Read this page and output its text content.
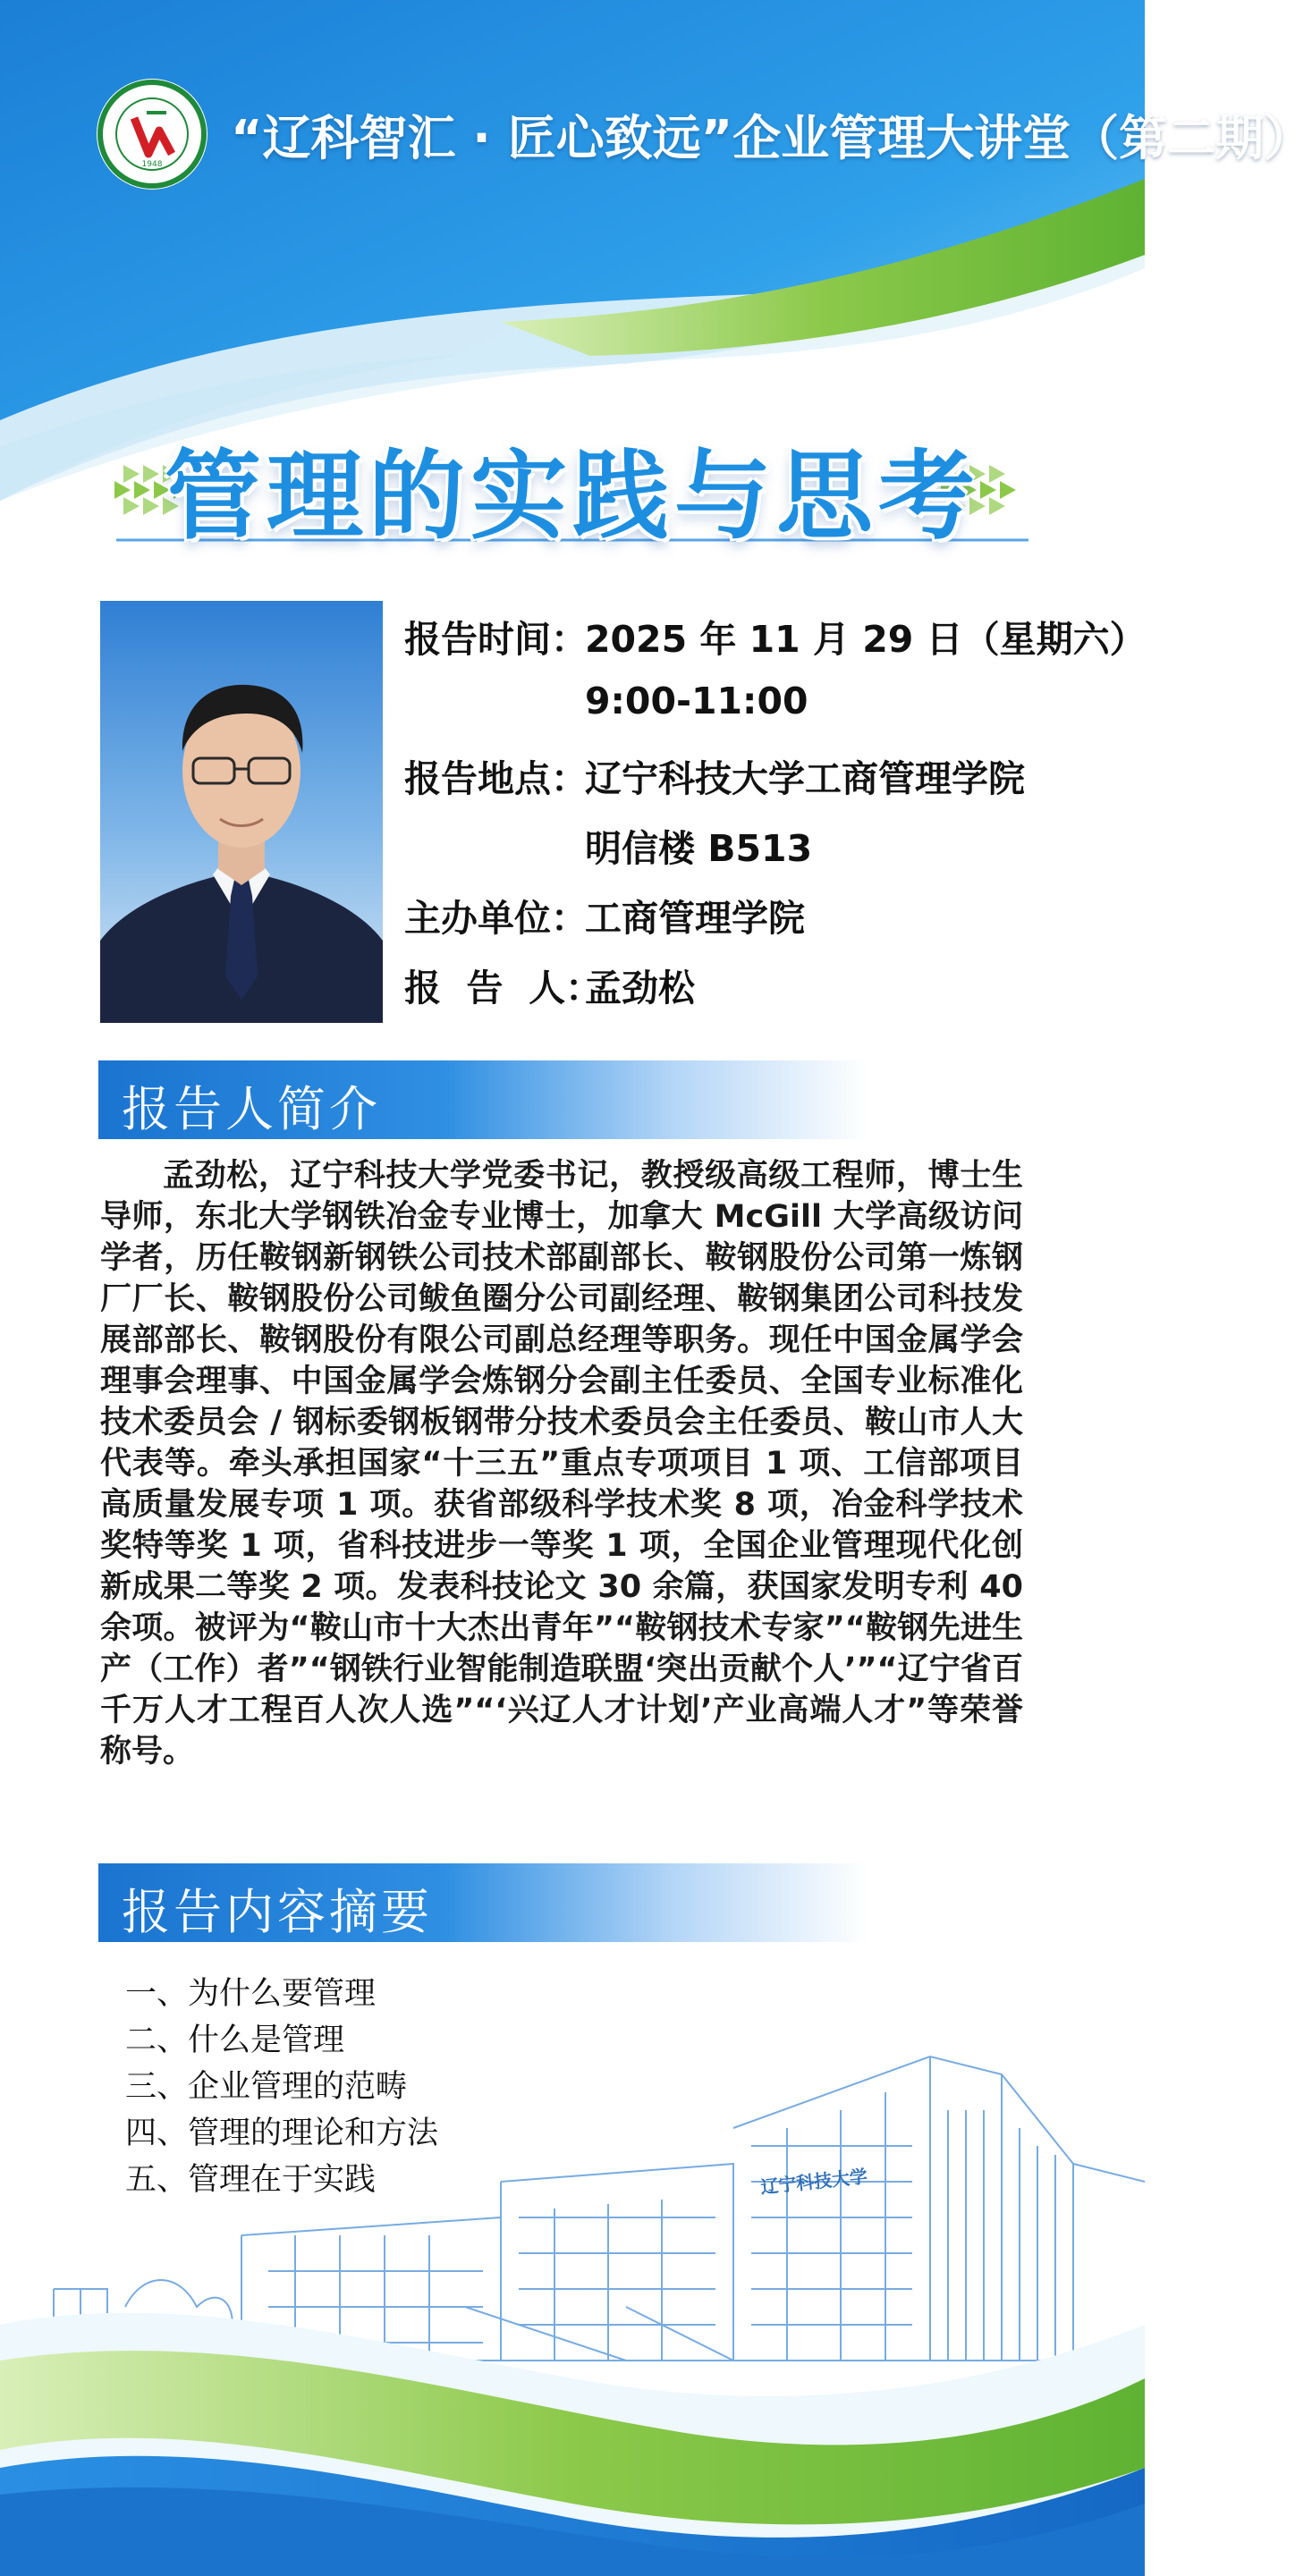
1948 “辽科智汇 · 匠心致远”企业管理大讲堂（第二期）
管理的实践与思考
报告时间：2025 年 11 月 29 日（星期六）
9:00-11:00
报告地点：辽宁科技大学工商管理学院
明信楼 B513
主办单位：工商管理学院
报  告  人：孟劲松
报告人简介

孟劲松，辽宁科技大学党委书记，教授级高级工程师，博士生导师，东北大学钢铁冶金专业博士，加拿大 McGill 大学高级访问学者，历任鞍钢新钢铁公司技术部副部长、鞍钢股份公司第一炼钢厂厂长、鞍钢股份公司鲅鱼圈分公司副经理、鞍钢集团公司科技发展部部长、鞍钢股份有限公司副总经理等职务。现任中国金属学会理事会理事、中国金属学会炼钢分会副主任委员、全国专业标准化技术委员会 / 钢标委钢板钢带分技术委员会主任委员、鞍山市人大代表等。牵头承担国家“十三五”重点专项项目 1 项、工信部项目高质量发展专项 1 项。获省部级科学技术奖 8 项，冶金科学技术奖特等奖 1 项，省科技进步一等奖 1 项，全国企业管理现代化创新成果二等奖 2 项。发表科技论文 30 余篇，获国家发明专利 40 余项。被评为“鞍山市十大杰出青年”“鞍钢技术专家”“鞍钢先进生产（工作）者”“钢铁行业智能制造联盟‘突出贡献个人’”“辽宁省百千万人才工程百人次人选”“‘兴辽人才计划’产业高端人才”等荣誉称号。

报告内容摘要
一、为什么要管理
二、什么是管理
三、企业管理的范畴
四、管理的理论和方法
五、管理在于实践	辽宁科技大学
